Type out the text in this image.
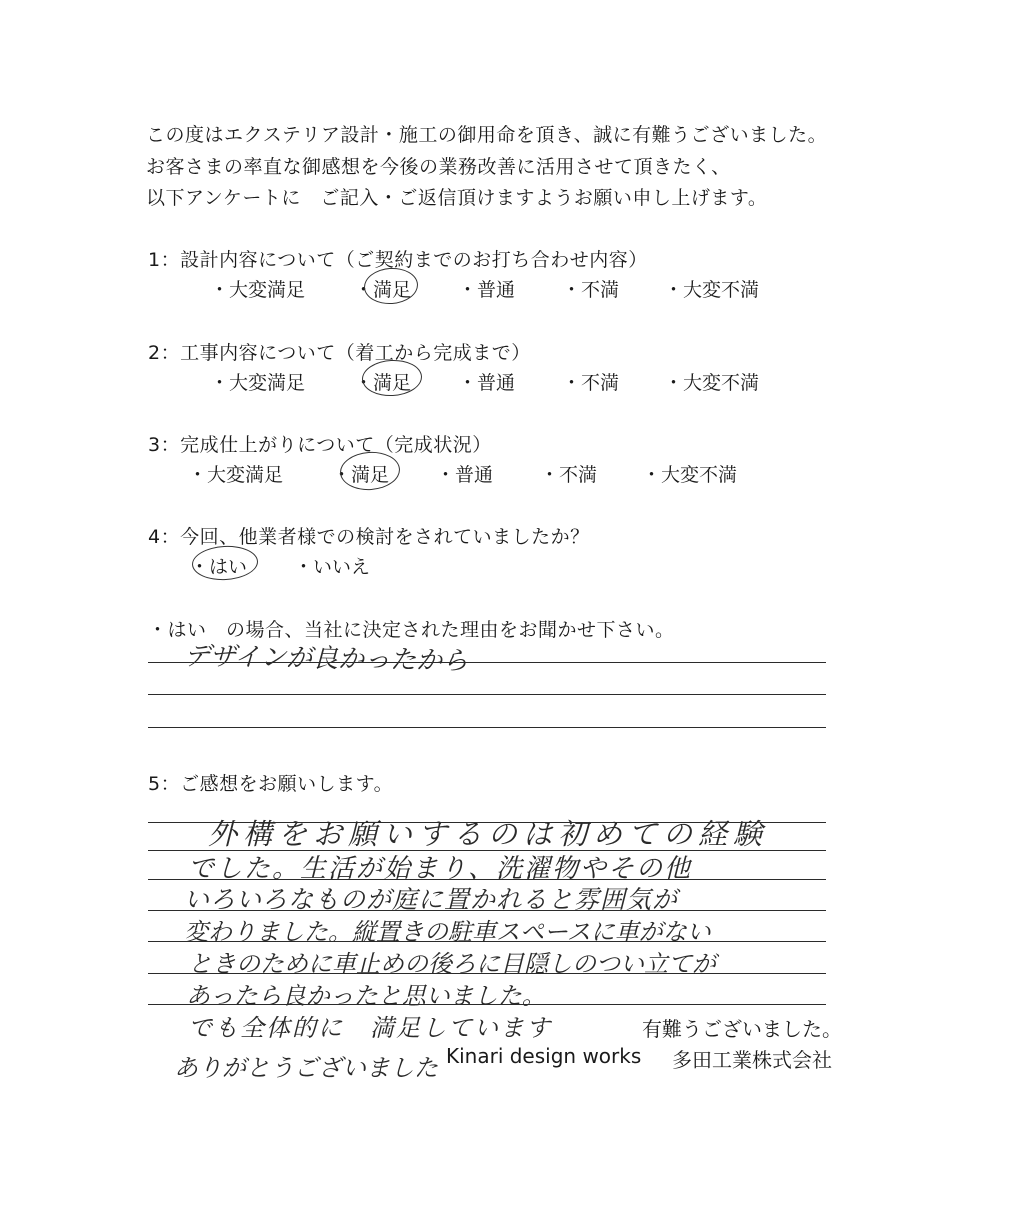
この度はエクステリア設計・施工の御用命を頂き、誠に有難うございました。
お客さまの率直な御感想を今後の業務改善に活用させて頂きたく、
以下アンケートに　ご記入・ご返信頂けますようお願い申し上げます。
1：設計内容について（ご契約までのお打ち合わせ内容）
・大変満足	・満足 ・普通 ・不満 ・大変不満
2：工事内容について（着工から完成まで）
・大変満足	・満足 ・普通 ・不満 ・大変不満
3：完成仕上がりについて（完成状況）
・大変満足	・満足 ・普通 ・不満 ・大変不満
4：今回、他業者様での検討をされていましたか？
・はい ・いいえ
・はい　の場合、当社に決定された理由をお聞かせ下さい。
デザインが良かったから
5：ご感想をお願いします。
外構をお願いするのは初めての経験
でした。生活が始まり、洗濯物やその他
いろいろなものが庭に置かれると雰囲気が
変わりました。縦置きの駐車スペースに車がない
ときのために車止めの後ろに目隠しのつい立てが
あったら良かったと思いました。
でも全体的に　満足しています
ありがとうございました
有難うございました。
Kinari design works 多田工業株式会社
